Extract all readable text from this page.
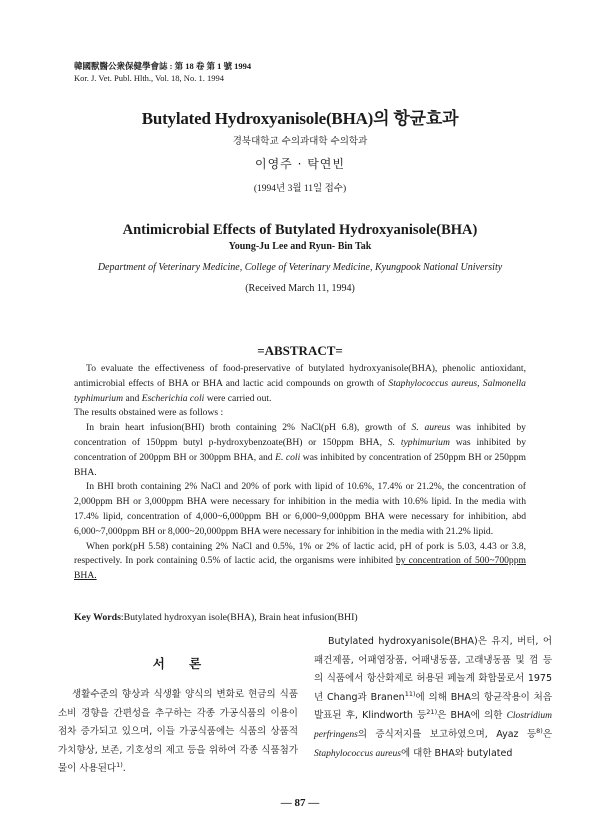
韓國獸醫公衆保健學會誌 : 第 18 卷 第 1 號 1994
Kor. J. Vet. Publ. Hlth., Vol. 18, No. 1. 1994
Butylated Hydroxyanisole(BHA)의 항균효과
경북대학교 수의과대학 수의학과
이영주 · 탁연빈
(1994년 3월 11일 접수)
Antimicrobial Effects of Butylated Hydroxyanisole(BHA)
Young-Ju Lee and Ryun- Bin Tak
Department of Veterinary Medicine, College of Veterinary Medicine, Kyungpook National University
(Received March 11, 1994)
=ABSTRACT=

To evaluate the effectiveness of food-preservative of butylated hydroxyanisole(BHA), phenolic antioxidant, antimicrobial effects of BHA or BHA and lactic acid compounds on growth of Staphylococcus aureus, Salmonella typhimurium and Escherichia coli were carried out.

The results obstained were as follows :

In brain heart infusion(BHI) broth containing 2% NaCl(pH 6.8), growth of S. aureus was inhibited by concentration of 150ppm butyl p-hydroxybenzoate(BH) or 150ppm BHA, S. typhimurium was inhibited by concentration of 200ppm BH or 300ppm BHA, and E. coli was inhibited by concentration of 250ppm BH or 250ppm BHA.

In BHI broth containing 2% NaCl and 20% of pork with lipid of 10.6%, 17.4% or 21.2%, the concentration of 2,000ppm BH or 3,000ppm BHA were necessary for inhibition in the media with 10.6% lipid. In the media with 17.4% lipid, concentration of 4,000~6,000ppm BH or 6,000~9,000ppm BHA were necessary for inhibition, abd 6,000~7,000ppm BH or 8,000~20,000ppm BHA were necessary for inhibition in the media with 21.2% lipid.

When pork(pH 5.58) containing 2% NaCl and 0.5%, 1% or 2% of lactic acid, pH of pork is 5.03, 4.43 or 3.8, respectively. In pork containing 0.5% of lactic acid, the organisms were inhibited by concentration of 500~700ppm BHA.

Key Words:Butylated hydroxyan isole(BHA), Brain heat infusion(BHI)
서 론

생활수준의 향상과 식생활 양식의 변화로 현금의 식품소비 경향을 간편성을 추구하는 각종 가공식품의 이용이 점차 증가되고 있으며, 이들 가공식품에는 식품의 상품적 가치향상, 보존, 기호성의 제고 등을 위하여 각종 식품첨가물이 사용된다$^{1)}$.

Butylated hydroxyanisole(BHA)은 유지, 버터, 어패건제품, 어패염장품, 어패냉동품, 고래냉동품 및 껌 등의 식품에서 항산화제로 허용된 페놀계 화합물로서 1975년 Chang과 Branen$^{11)}$에 의해 BHA의 항균작용이 처음 발표된 후, Klindworth 등$^{21)}$은 BHA에 의한 Clostridium perfringens의 증식저지를 보고하였으며, Ayaz 등$^{8)}$은 Staphylococcus aureus에 대한 BHA와 butylated

— 87 —
